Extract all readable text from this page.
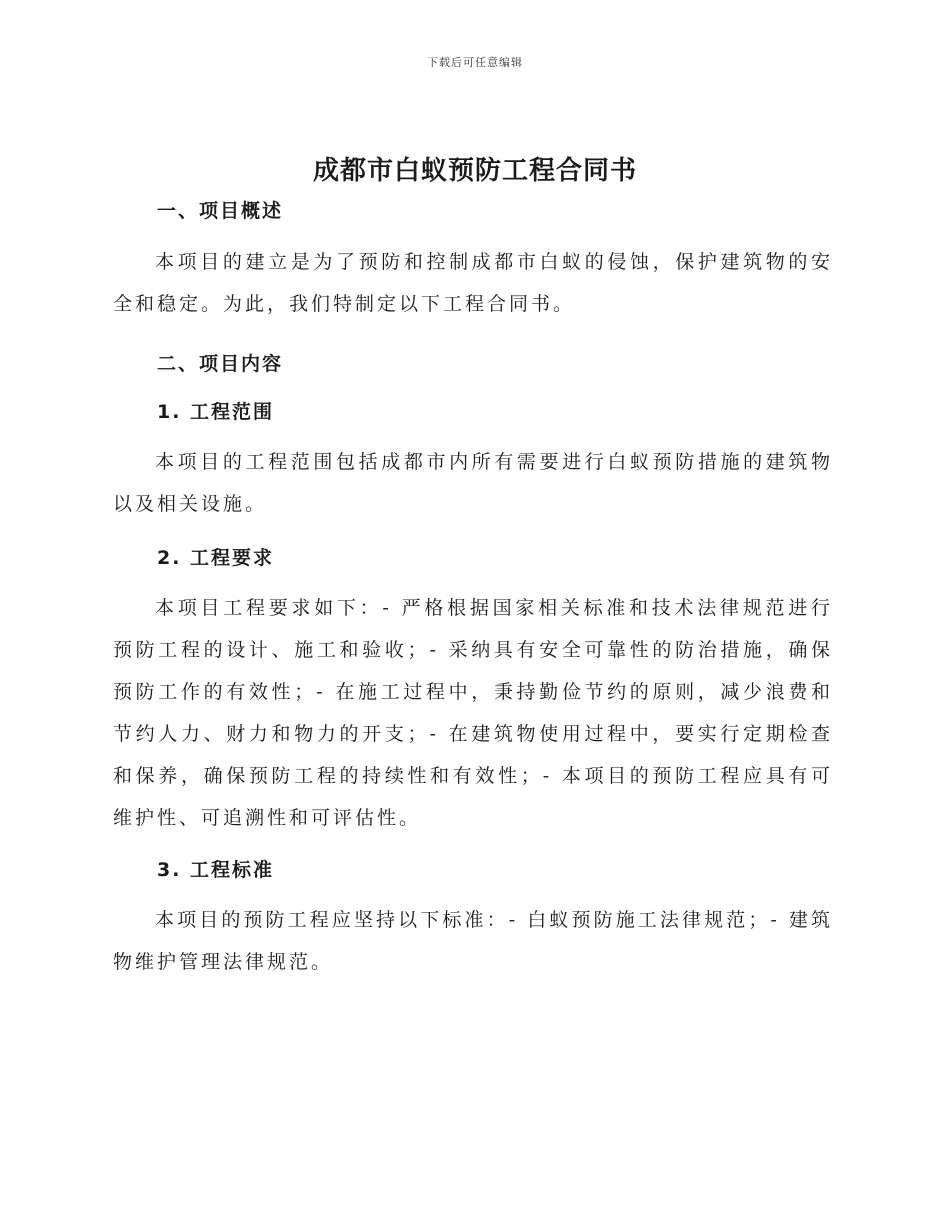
下载后可任意编辑
成都市白蚁预防工程合同书
一、项目概述

本项目的建立是为了预防和控制成都市白蚁的侵蚀，保护建筑物的安全和稳定。为此，我们特制定以下工程合同书。

二、项目内容
1. 工程范围

本项目的工程范围包括成都市内所有需要进行白蚁预防措施的建筑物以及相关设施。

2. 工程要求

本项目工程要求如下：- 严格根据国家相关标准和技术法律规范进行预防工程的设计、施工和验收；- 采纳具有安全可靠性的防治措施，确保预防工作的有效性；- 在施工过程中，秉持勤俭节约的原则，减少浪费和节约人力、财力和物力的开支；- 在建筑物使用过程中，要实行定期检查和保养，确保预防工程的持续性和有效性；- 本项目的预防工程应具有可维护性、可追溯性和可评估性。

3. 工程标准

本项目的预防工程应坚持以下标准：- 白蚁预防施工法律规范；- 建筑物维护管理法律规范。
